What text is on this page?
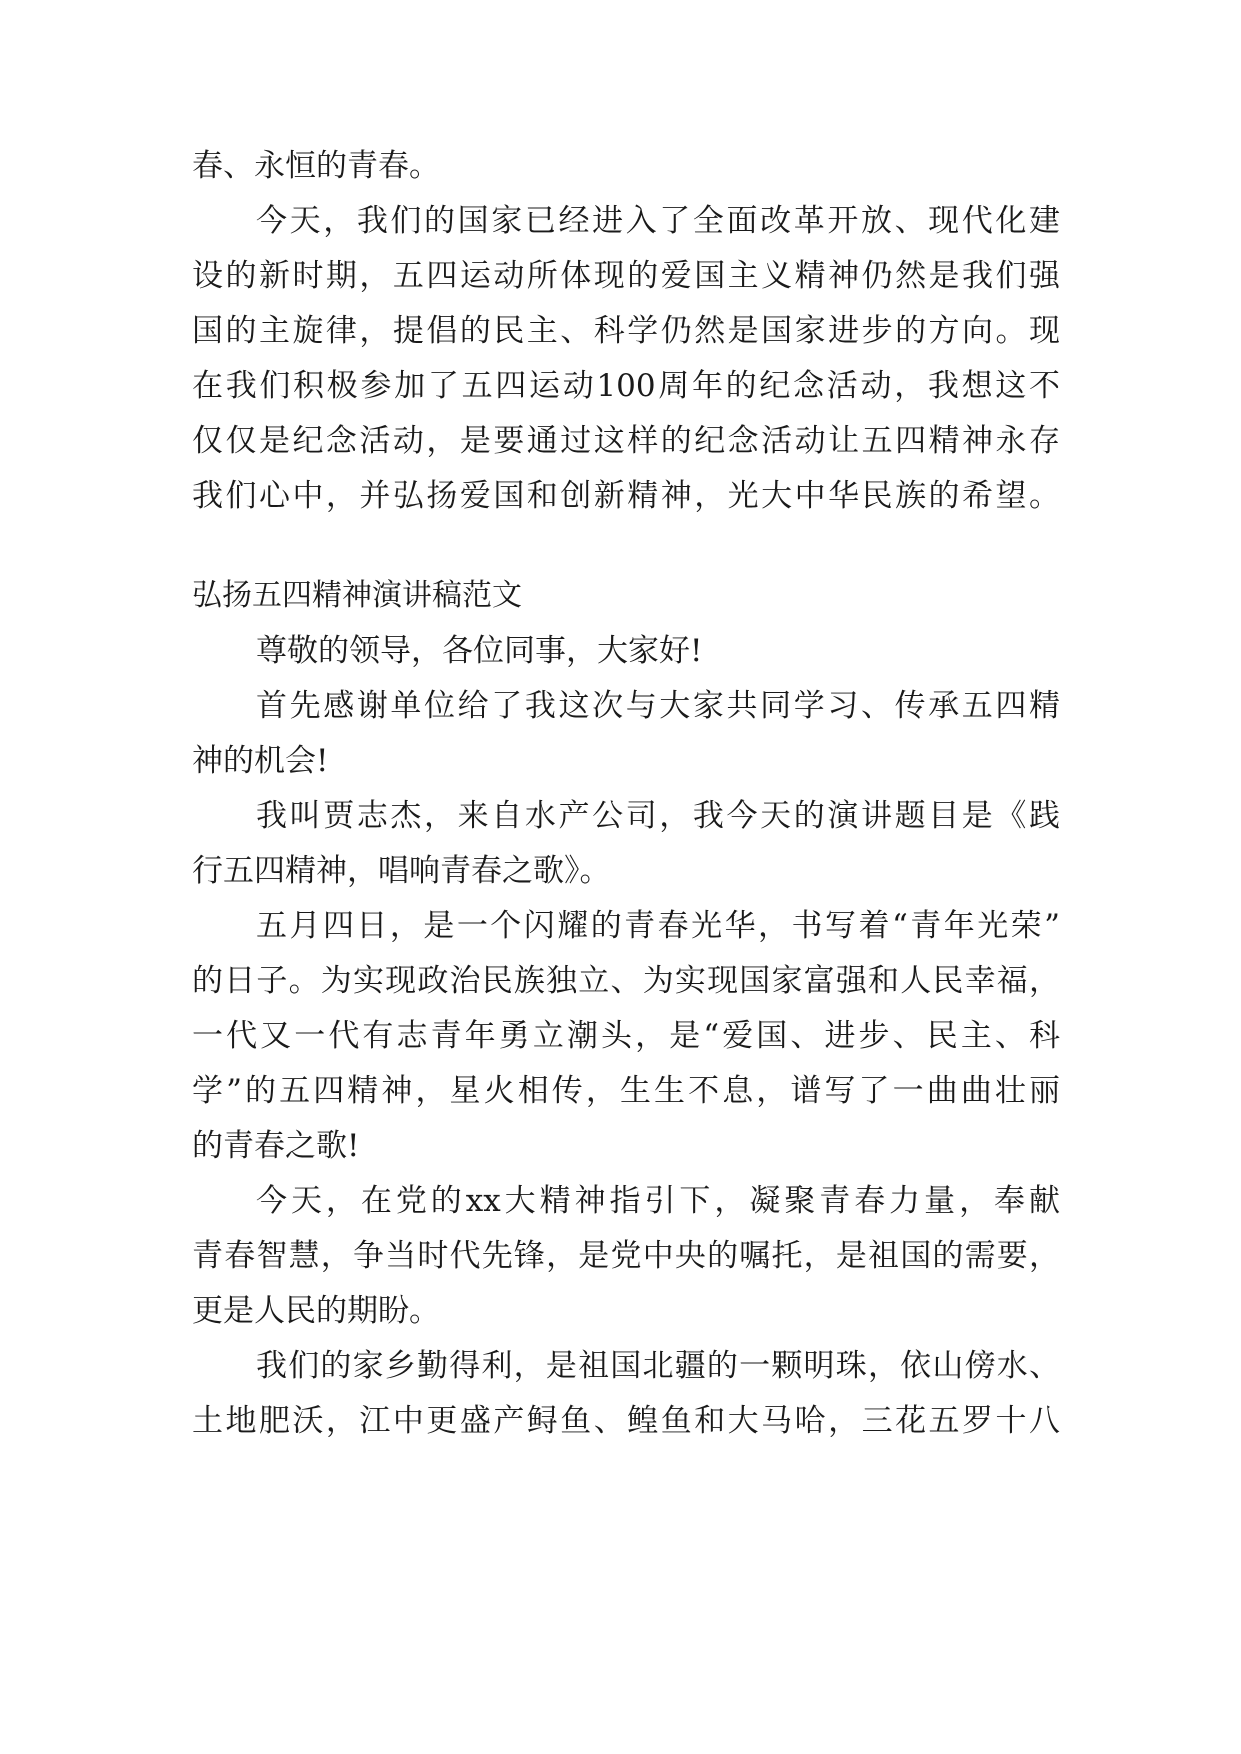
春、永恒的青春。
今天，我们的国家已经进入了全面改革开放、现代化建
设的新时期，五四运动所体现的爱国主义精神仍然是我们强
国的主旋律，提倡的民主、科学仍然是国家进步的方向。现
在我们积极参加了五四运动100周年的纪念活动，我想这不
仅仅是纪念活动，是要通过这样的纪念活动让五四精神永存
我们心中，并弘扬爱国和创新精神，光大中华民族的希望。
弘扬五四精神演讲稿范文
尊敬的领导，各位同事，大家好!
首先感谢单位给了我这次与大家共同学习、传承五四精
神的机会!
我叫贾志杰，来自水产公司，我今天的演讲题目是《践
行五四精神，唱响青春之歌》。
五月四日，是一个闪耀的青春光华，书写着“青年光荣”
的日子。为实现政治民族独立、为实现国家富强和人民幸福，
一代又一代有志青年勇立潮头，是“爱国、进步、民主、科
学”的五四精神，星火相传，生生不息，谱写了一曲曲壮丽
的青春之歌!
今天，在党的xx大精神指引下，凝聚青春力量，奉献
青春智慧，争当时代先锋，是党中央的嘱托，是祖国的需要，
更是人民的期盼。
我们的家乡勤得利，是祖国北疆的一颗明珠，依山傍水、
土地肥沃，江中更盛产鲟鱼、鳇鱼和大马哈，三花五罗十八
